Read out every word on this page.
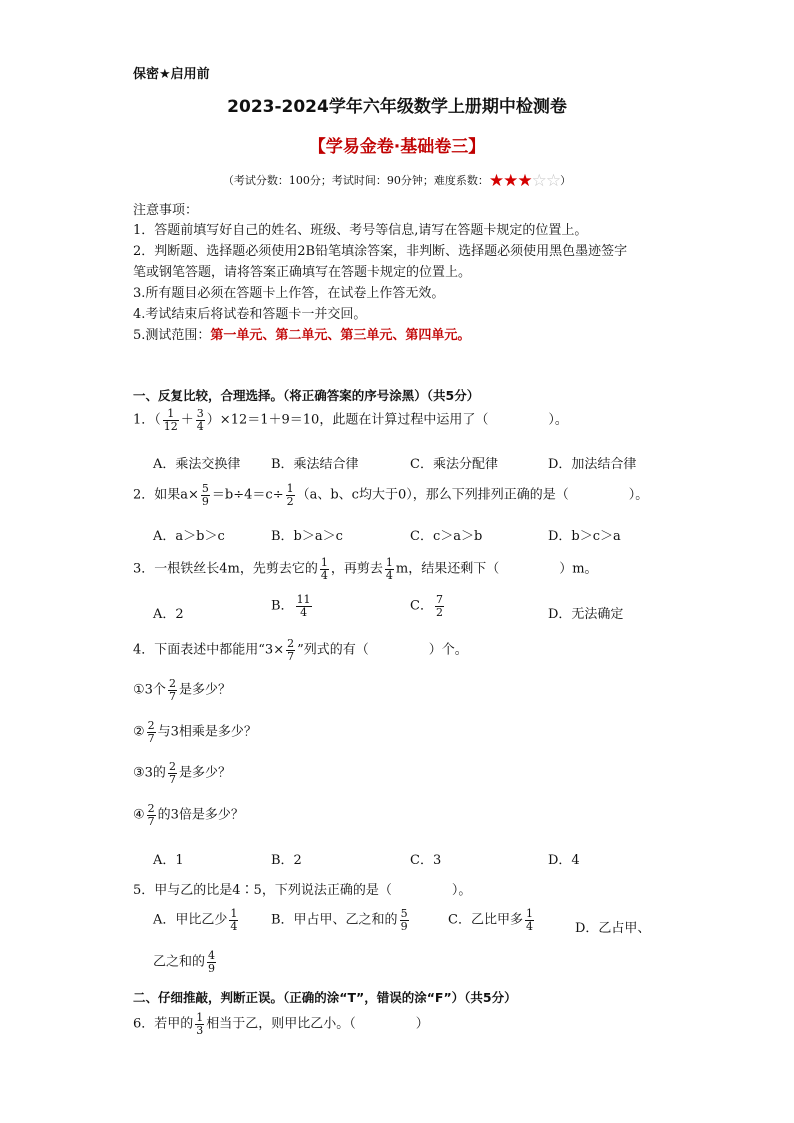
保密★启用前
2023-2024学年六年级数学上册期中检测卷
【学易金卷·基础卷三】
（考试分数：100分；考试时间：90分钟；难度系数：★★★☆☆）
注意事项：
1．答题前填写好自己的姓名、班级、考号等信息,请写在答题卡规定的位置上。
2．判断题、选择题必须使用2B铅笔填涂答案，非判断、选择题必须使用黑色墨迹签字
笔或钢笔答题，请将答案正确填写在答题卡规定的位置上。
3.所有题目必须在答题卡上作答，在试卷上作答无效。
4.考试结束后将试卷和答题卡一并交回。
5.测试范围：第一单元、第二单元、第三单元、第四单元。
一、反复比较，合理选择。（将正确答案的序号涂黑）（共5分）
1．（ $\frac{1}{12} + \frac{3}{4} )\times 12=1+9=10$，此题在计算过程中运用了（	）。
A．乘法交换律 B．乘法结合律	C．乘法分配律	D．加法结合律
2．如果$a\times \frac{5}{9} =b\div 4=c\div \frac{1}{2} (a$、b、c均大于0），那么下列排列正确的是（	）。
A．a＞b＞c	B．b＞a＞c	C．c＞a＞b	D．b＞c＞a
3．一根铁丝长4m，先剪去它的 $\frac{1}{4}$ ，再剪去 $\frac{1}{4}$ m，结果还剩下（	）m。
A．2
B． $\frac{11}{4}$	C． $\frac{7}{2}$	D．无法确定
4．下面表述中都能用“$3\times \frac{2}{7}$ ”列式的有（	）个。
①3个 $\frac{2}{7}$ 是多少？
② $\frac{2}{7}$ 与3相乘是多少？
③3的 $\frac{2}{7}$ 是多少？
④ $\frac{2}{7}$ 的3倍是多少？
A．1	B．2	C．3	D．4
5．甲与乙的比是4∶5，下列说法正确的是（	）。
A．甲比乙少 $\frac{1}{4}$	B．甲占甲、乙之和的 $\frac{5}{9}$	C．乙比甲多 $\frac{1}{4}$	D．乙占甲、
乙之和的 $\frac{4}{9}$
二、仔细推敲，判断正误。（正确的涂“T”，错误的涂“F”）（共5分）
6．若甲的 $\frac{1}{3}$ 相当于乙，则甲比乙小。（	）
